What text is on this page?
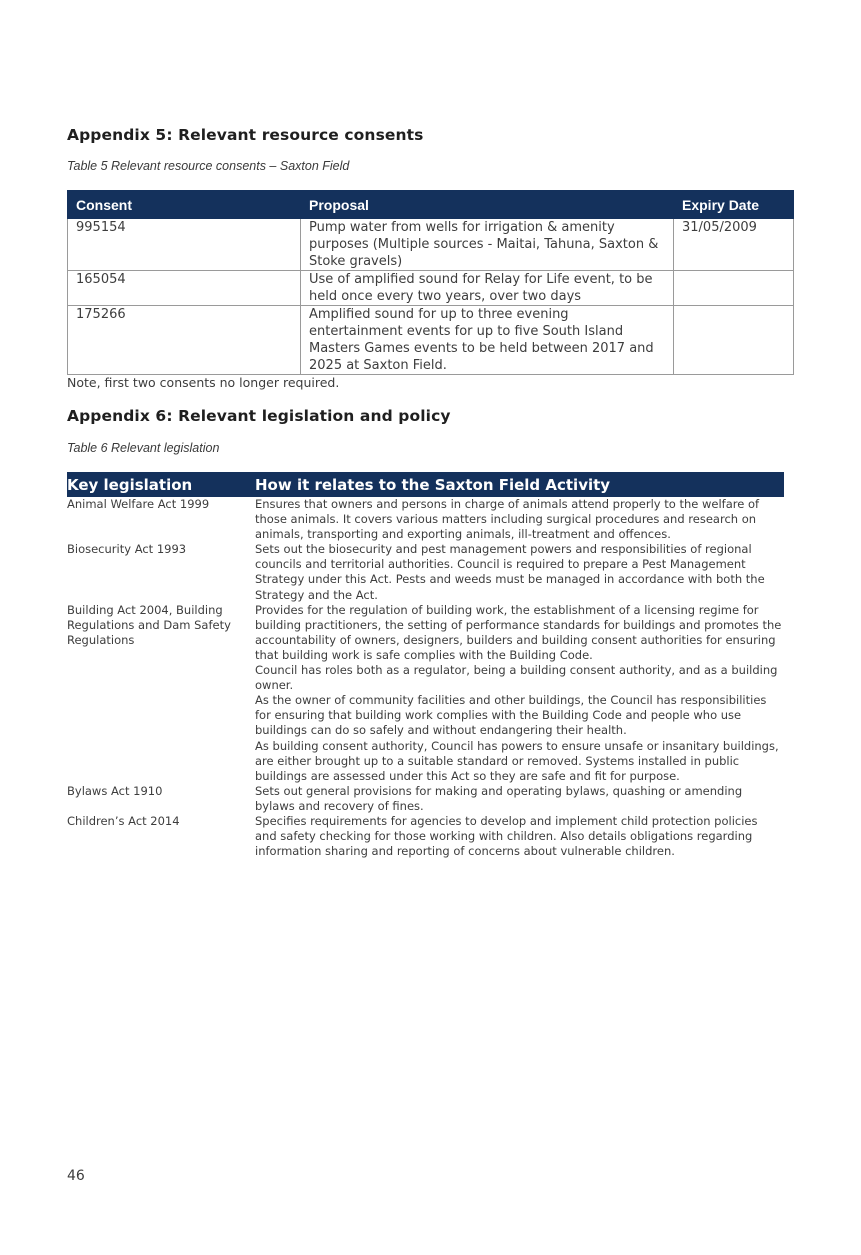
Appendix 5: Relevant resource consents

Table 5 Relevant resource consents – Saxton Field

Consent	Proposal	Expiry Date
995154	Pump water from wells for irrigation & amenity purposes (Multiple sources - Maitai, Tahuna, Saxton & Stoke gravels)	31/05/2009
165054	Use of amplified sound for Relay for Life event, to be held once every two years, over two days	
175266	Amplified sound for up to three evening entertainment events for up to five South Island Masters Games events to be held between 2017 and 2025 at Saxton Field.	
Note, first two consents no longer required.
Appendix 6: Relevant legislation and policy

Table 6 Relevant legislation

Key legislation	How it relates to the Saxton Field Activity
Animal Welfare Act 1999	Ensures that owners and persons in charge of animals attend properly to the welfare of those animals. It covers various matters including surgical procedures and research on animals, transporting and exporting animals, ill-treatment and offences.

Biosecurity Act 1993	Sets out the biosecurity and pest management powers and responsibilities of regional councils and territorial authorities. Council is required to prepare a Pest Management Strategy under this Act. Pests and weeds must be managed in accordance with both the Strategy and the Act.

Building Act 2004, Building Regulations and Dam Safety Regulations	Provides for the regulation of building work, the establishment of a licensing regime for building practitioners, the setting of performance standards for buildings and promotes the accountability of owners, designers, builders and building consent authorities for ensuring that building work is safe complies with the Building Code.

Council has roles both as a regulator, being a building consent authority, and as a building owner.

As the owner of community facilities and other buildings, the Council has responsibilities for ensuring that building work complies with the Building Code and people who use buildings can do so safely and without endangering their health.

As building consent authority, Council has powers to ensure unsafe or insanitary buildings, are either brought up to a suitable standard or removed. Systems installed in public buildings are assessed under this Act so they are safe and fit for purpose.

Bylaws Act 1910	Sets out general provisions for making and operating bylaws, quashing or amending bylaws and recovery of fines.

Children’s Act 2014	Specifies requirements for agencies to develop and implement child protection policies and safety checking for those working with children. Also details obligations regarding information sharing and reporting of concerns about vulnerable children.

46
